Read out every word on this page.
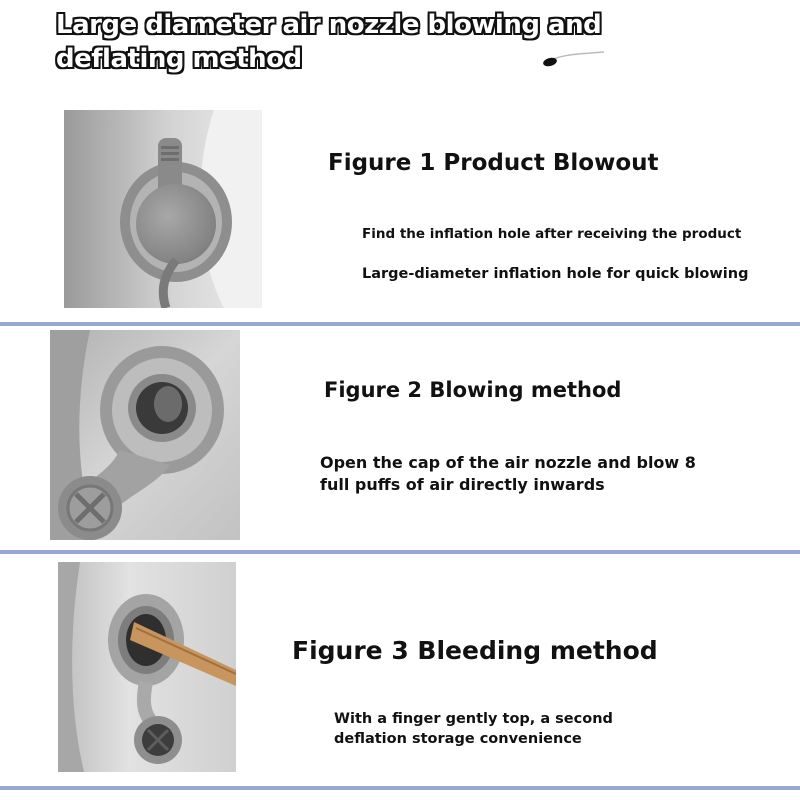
Large diameter air nozzle blowing and
deflating method
Figure 1 Product Blowout

Find the inflation hole after receiving the product

Large-diameter inflation hole for quick blowing

Figure 2 Blowing method

Open the cap of the air nozzle and blow 8 full puffs of air directly inwards

Figure 3 Bleeding method

With a finger gently top, a second deflation storage convenience
